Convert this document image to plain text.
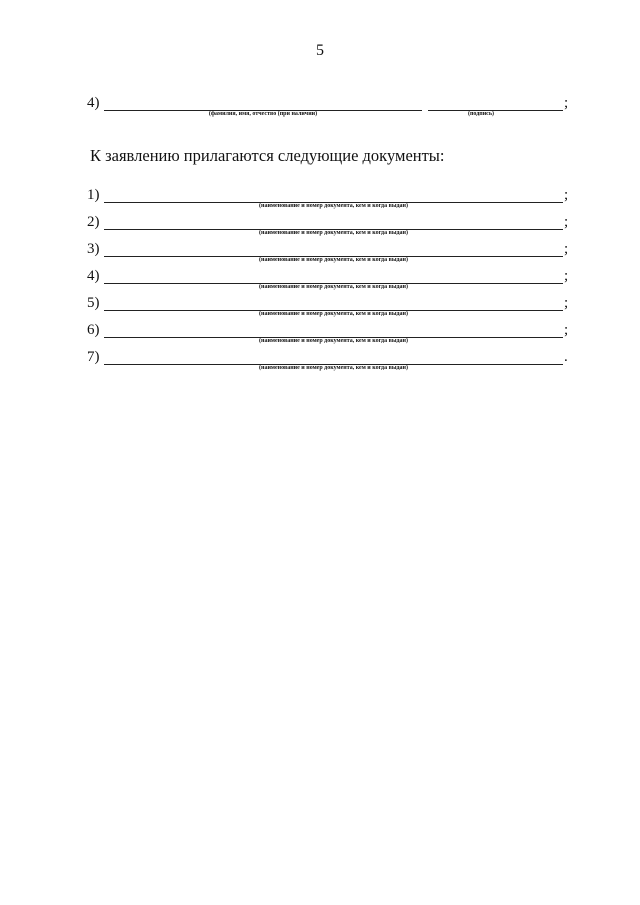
5
4)
(фамилия, имя, отчество (при наличии)	(подпись)
;
К заявлению прилагаются следующие документы:
1)	;
(наименование и номер документа, кем и когда выдан)
2)	;
(наименование и номер документа, кем и когда выдан)
3)	;
(наименование и номер документа, кем и когда выдан)
4)	;
(наименование и номер документа, кем и когда выдан)
5)	;
(наименование и номер документа, кем и когда выдан)
6)	;
(наименование и номер документа, кем и когда выдан)
7)	.
(наименование и номер документа, кем и когда выдан)
